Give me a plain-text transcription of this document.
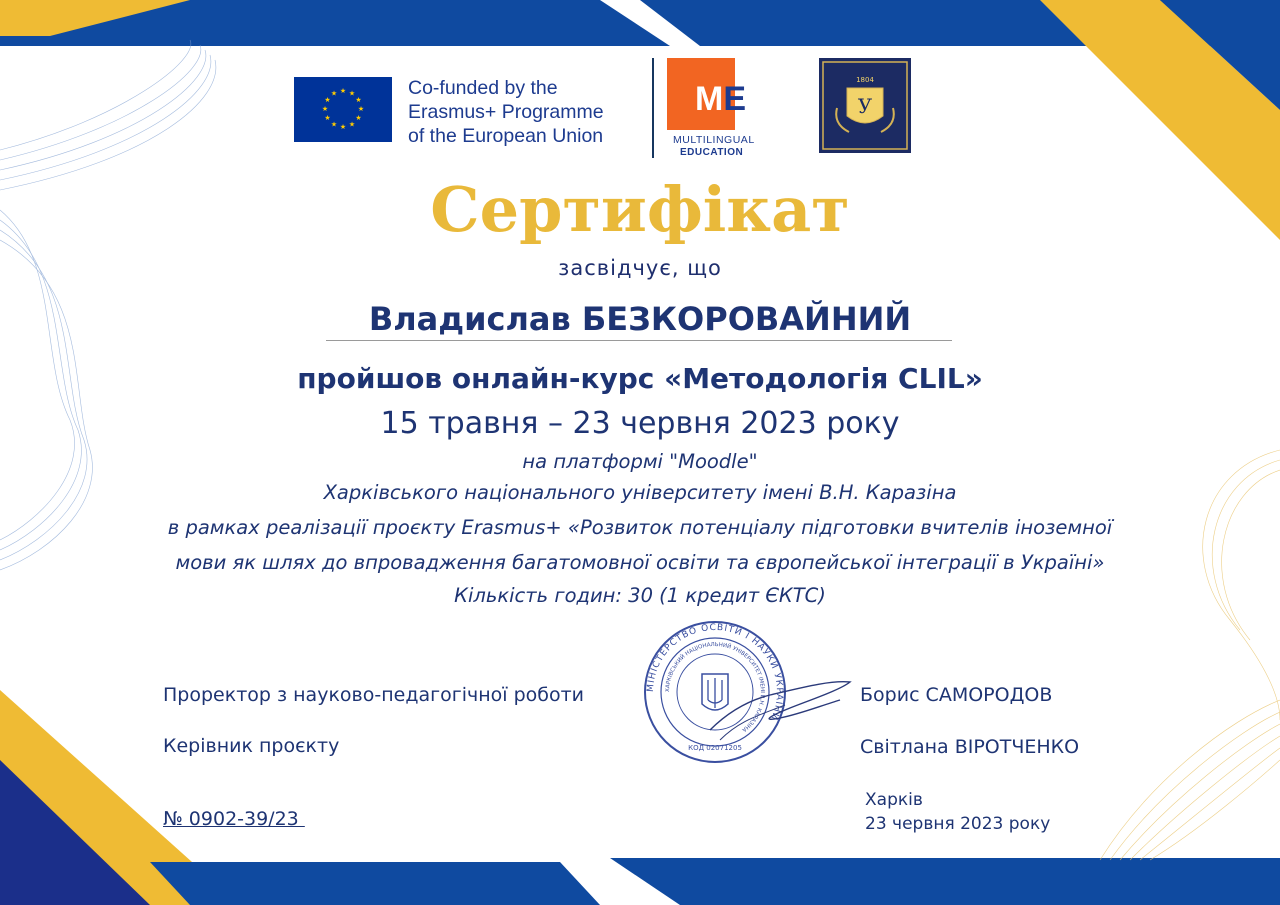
★ ★
★
★
★
★
★
★
★
★
★
★	Co-funded by the
Erasmus+ Programme
of the European Union
ME
MULTILINGUAL
EDUCATION
У
1804
Сертифікат
засвідчує, що
Владислав БЕЗКОРОВАЙНИЙ
пройшов онлайн-курс «Методологія CLIL»
15 травня – 23 червня 2023 року
на платформі "Moodle"
Харківського національного університету імені В.Н. Каразіна
в рамках реалізації проєкту Erasmus+ «Розвиток потенціалу підготовки вчителів іноземної
мови як шлях до впровадження багатомовної освіти та європейської інтеграції в Україні»
Кількість годин: 30 (1 кредит ЄКТС)
Проректор з науково-педагогічної роботи	Борис САМОРОДОВ
Керівник проєкту	Світлана ВІРОТЧЕНКО
МІНІСТЕРСТВО ОСВІТИ І НАУКИ УКРАЇНИ
ХАРКІВСЬКИЙ НАЦІОНАЛЬНИЙ УНІВЕРСИТЕТ ІМЕНІ В.Н. КАРАЗІНА
КОД 02071205
№ 0902-39/23
Харків
23 червня 2023 року
